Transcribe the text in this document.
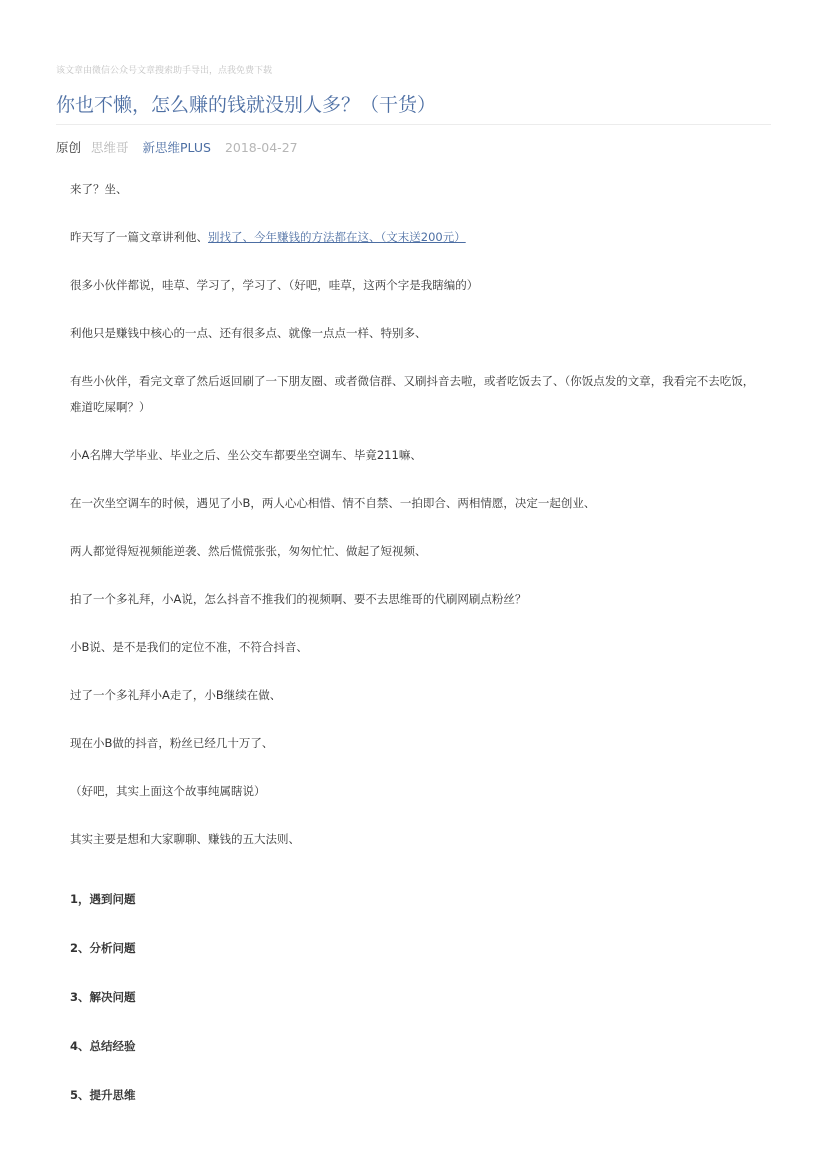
该文章由微信公众号文章搜索助手导出，点我免费下载
你也不懒，怎么赚的钱就没别人多？（干货）
原创 思维哥 新思维PLUS 2018-04-27

来了？坐、

昨天写了一篇文章讲利他、别找了、今年赚钱的方法都在这、（文末送200元）

很多小伙伴都说，哇草、学习了，学习了、（好吧，哇草，这两个字是我瞎编的）

利他只是赚钱中核心的一点、还有很多点、就像一点点一样、特别多、

有些小伙伴，看完文章了然后返回刷了一下朋友圈、或者微信群、又刷抖音去啦，或者吃饭去了、（你饭点发的文章，我看完不去吃饭，难道吃屎啊？）

小A名牌大学毕业、毕业之后、坐公交车都要坐空调车、毕竟211嘛、

在一次坐空调车的时候，遇见了小B，两人心心相惜、情不自禁、一拍即合、两相情愿，决定一起创业、

两人都觉得短视频能逆袭、然后慌慌张张，匆匆忙忙、做起了短视频、

拍了一个多礼拜，小A说，怎么抖音不推我们的视频啊、要不去思维哥的代刷网刷点粉丝？

小B说、是不是我们的定位不准，不符合抖音、

过了一个多礼拜小A走了，小B继续在做、

现在小B做的抖音，粉丝已经几十万了、

（好吧，其实上面这个故事纯属瞎说）

其实主要是想和大家聊聊、赚钱的五大法则、

1，遇到问题
2、分析问题
3、解决问题
4、总结经验
5、提升思维
